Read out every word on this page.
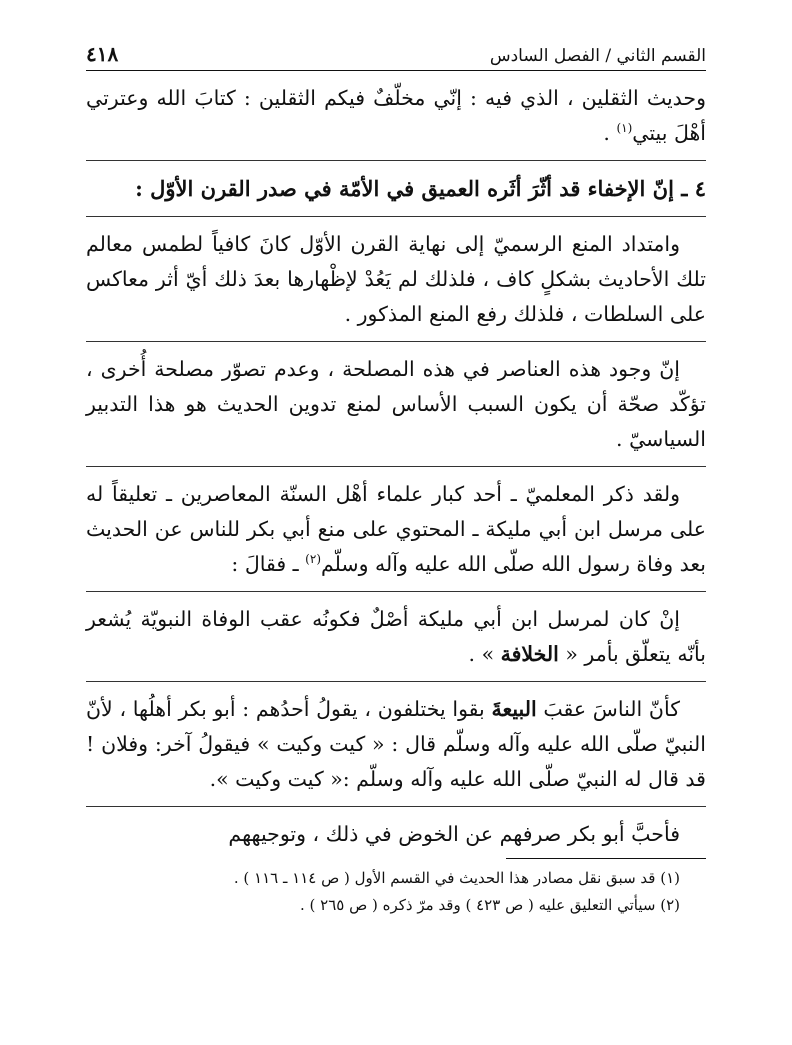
القسم الثاني / الفصل السادس
٤١٨

وحديث الثقلين ، الذي فيه : إنّي مخلّفٌ فيكم الثقلين : كتابَ الله وعترتي أهْلَ بيتي$^{(١)}$ .

٤ ـ إنّ الإخفاء قد أثّرَ أثَره العميق في الأمّة في صدر القرن الأوّل :

وامتداد المنع الرسميّ إلى نهاية القرن الأوّل كانَ كافياً لطمس معالم تلك الأحاديث بشكلٍ كاف ، فلذلك لم يَعُدْ لإظْهارها بعدَ ذلك أيّ أثر معاكس على السلطات ، فلذلك رفع المنع المذكور .

إنّ وجود هذه العناصر في هذه المصلحة ، وعدم تصوّر مصلحة أُخرى ، تؤكّد صحّة أن يكون السبب الأساس لمنع تدوين الحديث هو هذا التدبير السياسيّ .

ولقد ذكر المعلميّ ـ أحد كبار علماء أهْل السنّة المعاصرين ـ تعليقاً له على مرسل ابن أبي مليكة ـ المحتوي على منع أبي بكر للناس عن الحديث بعد وفاة رسول الله صلّى الله عليه وآله وسلّم$^{(٢)}$ ـ فقالَ :

إنْ كان لمرسل ابن أبي مليكة أصْلٌ فكونُه عقب الوفاة النبويّة يُشعر بأنّه يتعلّق بأمر « الخلافة » .

كأنّ الناسَ عقبَ البيعةَ بقوا يختلفون ، يقولُ أحدُهم : أبو بكر أهلُها ، لأنّ النبيّ صلّى الله عليه وآله وسلّم قال : « كيت وكيت » فيقولُ آخر: وفلان ! قد قال له النبيّ صلّى الله عليه وآله وسلّم :« كيت وكيت ».

فأحبَّ أبو بكر صرفهم عن الخوض في ذلك ، وتوجيههم

(١) قد سبق نقل مصادر هذا الحديث في القسم الأول ( ص ١١٤ ـ ١١٦ ) .

(٢) سيأتي التعليق عليه ( ص ٤٢٣ ) وقد مرّ ذكره ( ص ٢٦٥ ) .
